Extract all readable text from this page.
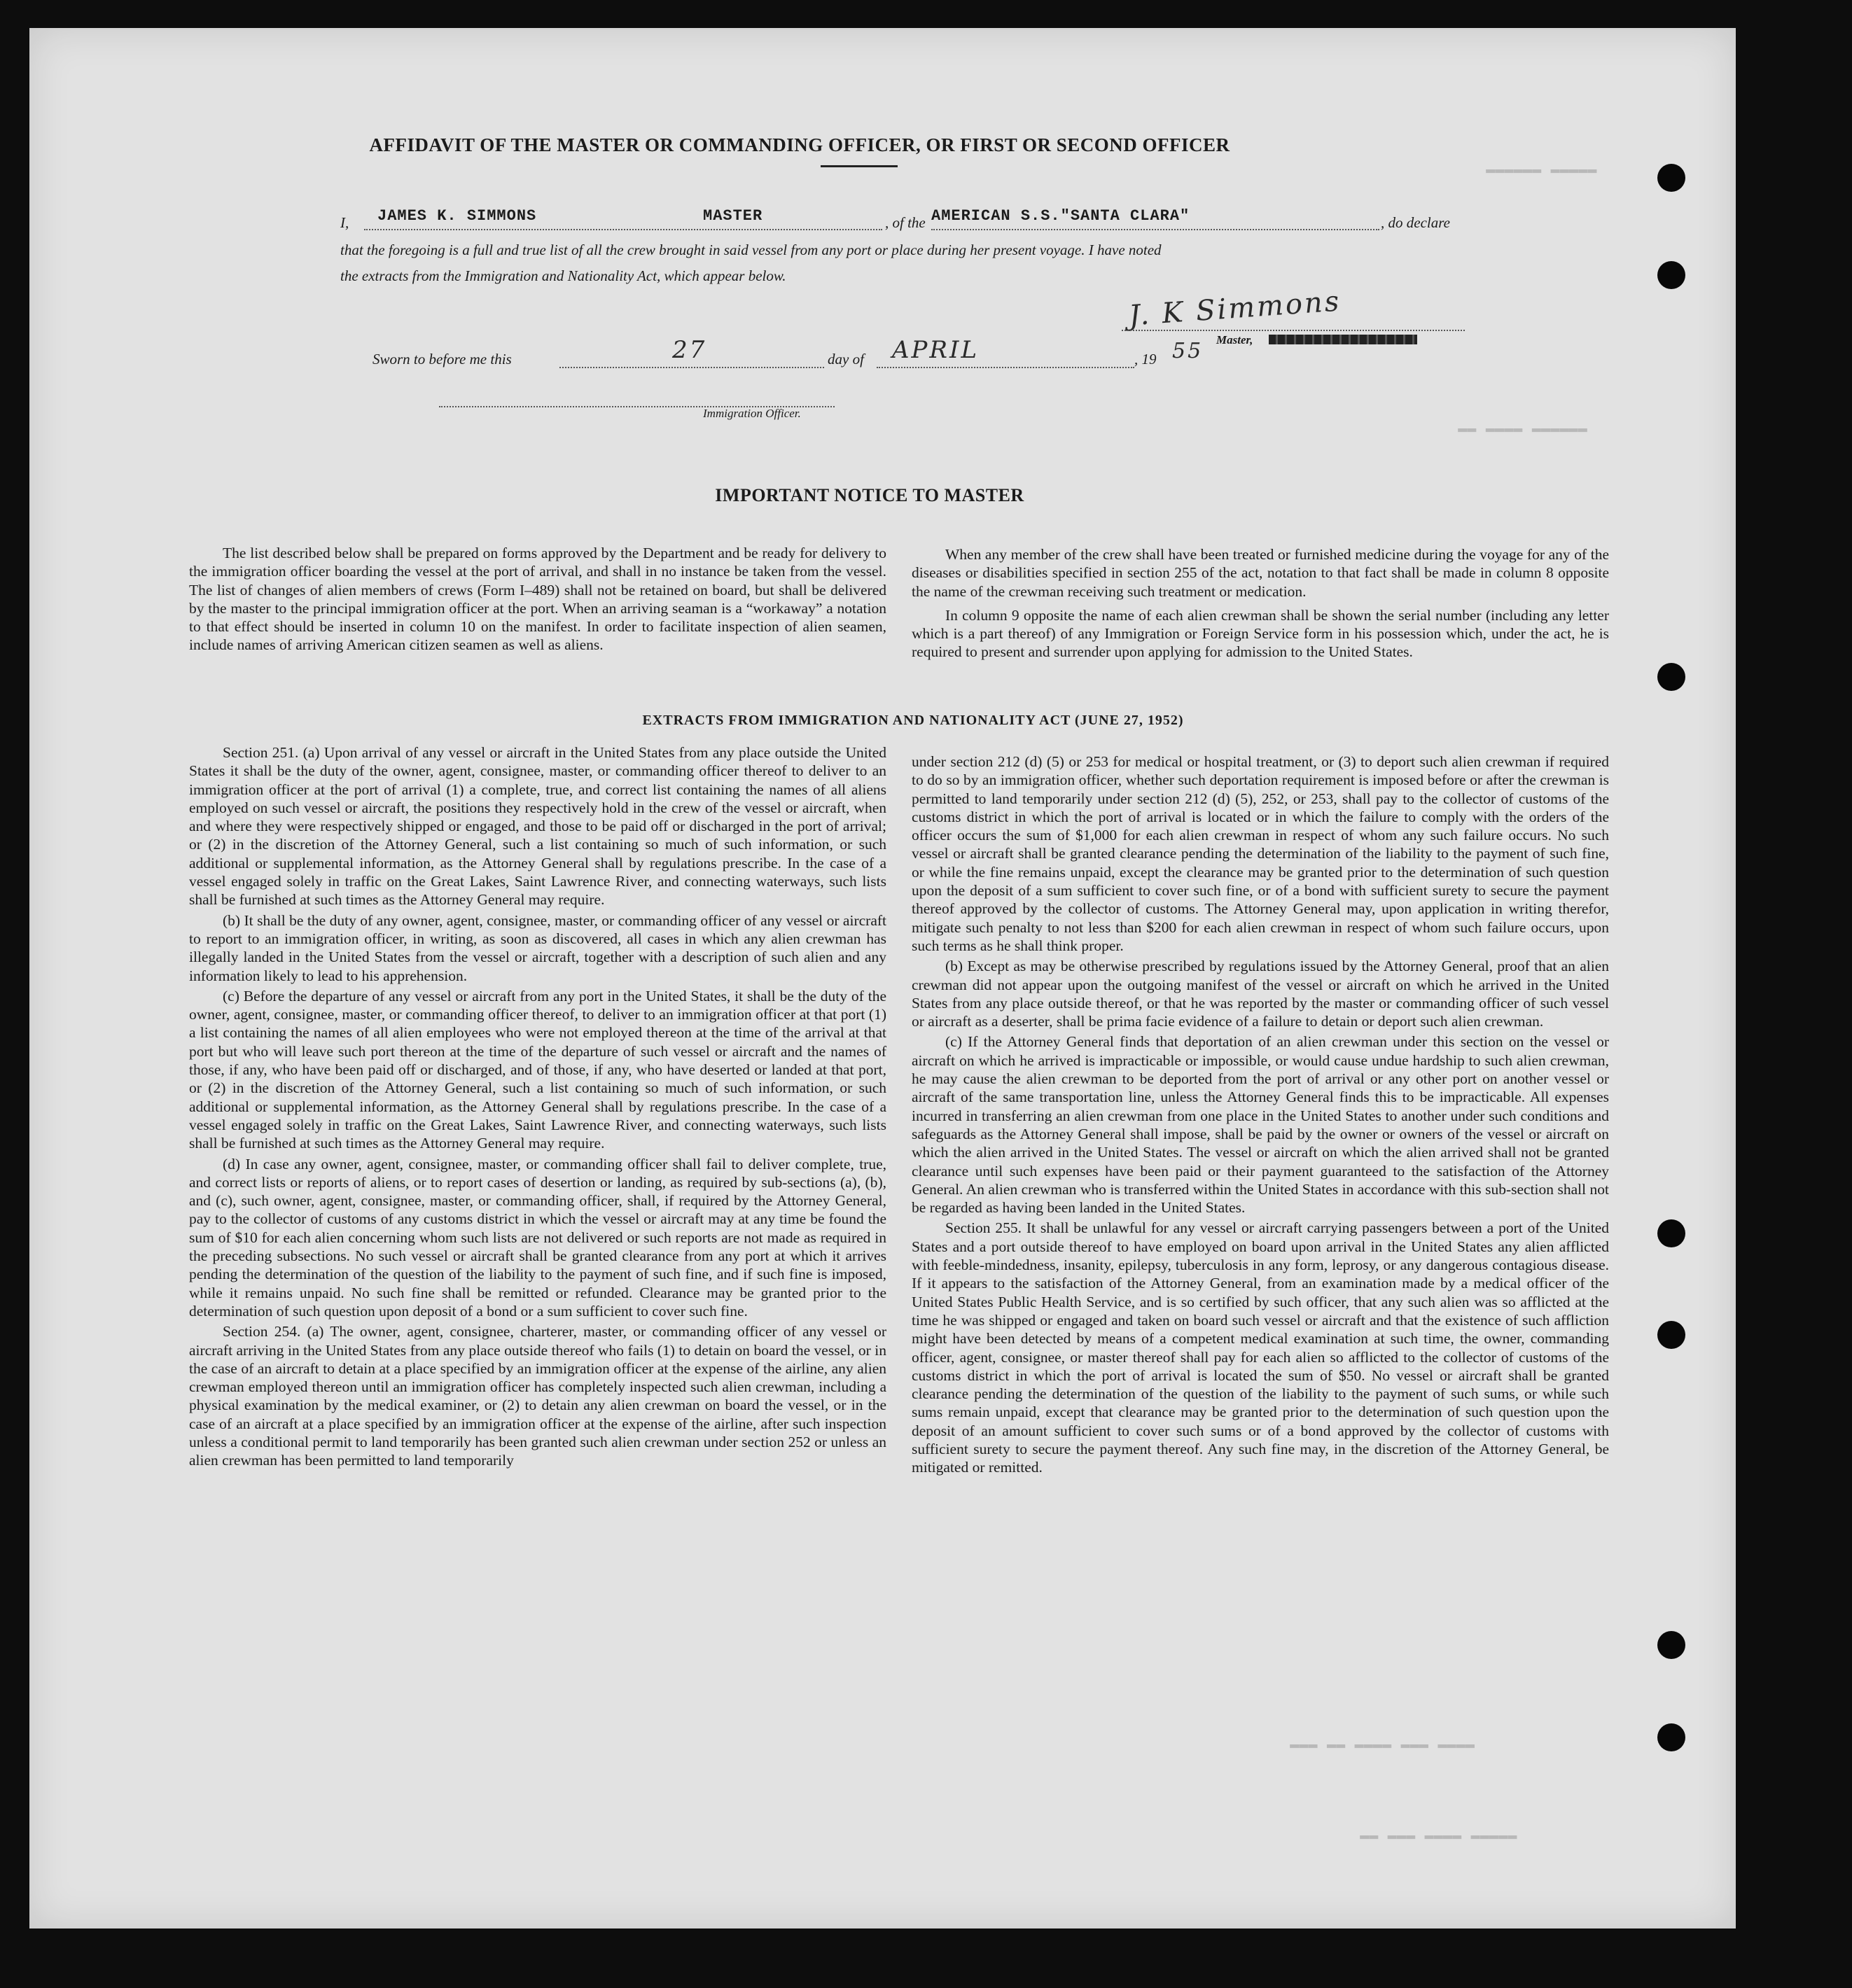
▬▬▬▬▬ ▬▬▬▬▬▬
▬▬▬▬▬▬ ▬▬▬▬ ▬▬
▬▬▬▬ ▬▬▬ ▬▬▬▬ ▬▬ ▬▬▬
▬▬▬▬▬ ▬▬▬▬ ▬▬▬ ▬▬
AFFIDAVIT OF THE MASTER OR COMMANDING OFFICER, OR FIRST OR SECOND OFFICER
I, JAMES K. SIMMONS	MASTER	, of the AMERICAN S.S."SANTA CLARA"	, do declare
that the foregoing is a full and true list of all the crew brought in said vessel from any port or place during her present voyage. I have noted
the extracts from the Immigration and Nationality Act, which appear below.
J. K Simmons
Master,
Sworn to before me this	27	day of APRIL	, 19 55
Immigration Officer.
IMPORTANT NOTICE TO MASTER

The list described below shall be prepared on forms approved by the Department and be ready for delivery to the immigration officer boarding the vessel at the port of arrival, and shall in no instance be taken from the vessel. The list of changes of alien members of crews (Form I–489) shall not be retained on board, but shall be delivered by the master to the principal immigration officer at the port. When an arriving seaman is a “workaway” a notation to that effect should be inserted in column 10 on the manifest. In order to facilitate inspection of alien seamen, include names of arriving American citizen seamen as well as aliens.

When any member of the crew shall have been treated or furnished medicine during the voyage for any of the diseases or disabilities specified in section 255 of the act, notation to that fact shall be made in column 8 opposite the name of the crewman receiving such treatment or medication.

In column 9 opposite the name of each alien crewman shall be shown the serial number (including any letter which is a part thereof) of any Immigration or Foreign Service form in his possession which, under the act, he is required to present and surrender upon applying for admission to the United States.

EXTRACTS FROM IMMIGRATION AND NATIONALITY ACT (JUNE 27, 1952)

Section 251. (a) Upon arrival of any vessel or aircraft in the United States from any place outside the United States it shall be the duty of the owner, agent, consignee, master, or commanding officer thereof to deliver to an immigration officer at the port of arrival (1) a complete, true, and correct list containing the names of all aliens employed on such vessel or aircraft, the positions they respectively hold in the crew of the vessel or aircraft, when and where they were respectively shipped or engaged, and those to be paid off or discharged in the port of arrival; or (2) in the discretion of the Attorney General, such a list containing so much of such information, or such additional or supplemental information, as the Attorney General shall by regulations prescribe. In the case of a vessel engaged solely in traffic on the Great Lakes, Saint Lawrence River, and connecting waterways, such lists shall be furnished at such times as the Attorney General may require.

(b) It shall be the duty of any owner, agent, consignee, master, or commanding officer of any vessel or aircraft to report to an immigration officer, in writing, as soon as discovered, all cases in which any alien crewman has illegally landed in the United States from the vessel or aircraft, together with a description of such alien and any information likely to lead to his apprehension.

(c) Before the departure of any vessel or aircraft from any port in the United States, it shall be the duty of the owner, agent, consignee, master, or commanding officer thereof, to deliver to an immigration officer at that port (1) a list containing the names of all alien employees who were not employed thereon at the time of the arrival at that port but who will leave such port thereon at the time of the departure of such vessel or aircraft and the names of those, if any, who have been paid off or discharged, and of those, if any, who have deserted or landed at that port, or (2) in the discretion of the Attorney General, such a list containing so much of such information, or such additional or supplemental information, as the Attorney General shall by regulations prescribe. In the case of a vessel engaged solely in traffic on the Great Lakes, Saint Lawrence River, and connecting waterways, such lists shall be furnished at such times as the Attorney General may require.

(d) In case any owner, agent, consignee, master, or commanding officer shall fail to deliver complete, true, and correct lists or reports of aliens, or to report cases of desertion or landing, as required by sub-sections (a), (b), and (c), such owner, agent, consignee, master, or commanding officer, shall, if required by the Attorney General, pay to the collector of customs of any customs district in which the vessel or aircraft may at any time be found the sum of $10 for each alien concerning whom such lists are not delivered or such reports are not made as required in the preceding subsections. No such vessel or aircraft shall be granted clearance from any port at which it arrives pending the determination of the question of the liability to the payment of such fine, and if such fine is imposed, while it remains unpaid. No such fine shall be remitted or refunded. Clearance may be granted prior to the determination of such question upon deposit of a bond or a sum sufficient to cover such fine.

Section 254. (a) The owner, agent, consignee, charterer, master, or commanding officer of any vessel or aircraft arriving in the United States from any place outside thereof who fails (1) to detain on board the vessel, or in the case of an aircraft to detain at a place specified by an immigration officer at the expense of the airline, any alien crewman employed thereon until an immigration officer has completely inspected such alien crewman, including a physical examination by the medical examiner, or (2) to detain any alien crewman on board the vessel, or in the case of an aircraft at a place specified by an immigration officer at the expense of the airline, after such inspection unless a conditional permit to land temporarily has been granted such alien crewman under section 252 or unless an alien crewman has been permitted to land temporarily

under section 212 (d) (5) or 253 for medical or hospital treatment, or (3) to deport such alien crewman if required to do so by an immigration officer, whether such deportation requirement is imposed before or after the crewman is permitted to land temporarily under section 212 (d) (5), 252, or 253, shall pay to the collector of customs of the customs district in which the port of arrival is located or in which the failure to comply with the orders of the officer occurs the sum of $1,000 for each alien crewman in respect of whom any such failure occurs. No such vessel or aircraft shall be granted clearance pending the determination of the liability to the payment of such fine, or while the fine remains unpaid, except the clearance may be granted prior to the determination of such question upon the deposit of a sum sufficient to cover such fine, or of a bond with sufficient surety to secure the payment thereof approved by the collector of customs. The Attorney General may, upon application in writing therefor, mitigate such penalty to not less than $200 for each alien crewman in respect of whom such failure occurs, upon such terms as he shall think proper.

(b) Except as may be otherwise prescribed by regulations issued by the Attorney General, proof that an alien crewman did not appear upon the outgoing manifest of the vessel or aircraft on which he arrived in the United States from any place outside thereof, or that he was reported by the master or commanding officer of such vessel or aircraft as a deserter, shall be prima facie evidence of a failure to detain or deport such alien crewman.

(c) If the Attorney General finds that deportation of an alien crewman under this section on the vessel or aircraft on which he arrived is impracticable or impossible, or would cause undue hardship to such alien crewman, he may cause the alien crewman to be deported from the port of arrival or any other port on another vessel or aircraft of the same transportation line, unless the Attorney General finds this to be impracticable. All expenses incurred in transferring an alien crewman from one place in the United States to another under such conditions and safeguards as the Attorney General shall impose, shall be paid by the owner or owners of the vessel or aircraft on which the alien arrived in the United States. The vessel or aircraft on which the alien arrived shall not be granted clearance until such expenses have been paid or their payment guaranteed to the satisfaction of the Attorney General. An alien crewman who is transferred within the United States in accordance with this sub-section shall not be regarded as having been landed in the United States.

Section 255. It shall be unlawful for any vessel or aircraft carrying passengers between a port of the United States and a port outside thereof to have employed on board upon arrival in the United States any alien afflicted with feeble-mindedness, insanity, epilepsy, tuberculosis in any form, leprosy, or any dangerous contagious disease. If it appears to the satisfaction of the Attorney General, from an examination made by a medical officer of the United States Public Health Service, and is so certified by such officer, that any such alien was so afflicted at the time he was shipped or engaged and taken on board such vessel or aircraft and that the existence of such affliction might have been detected by means of a competent medical examination at such time, the owner, commanding officer, agent, consignee, or master thereof shall pay for each alien so afflicted to the collector of customs of the customs district in which the port of arrival is located the sum of $50. No vessel or aircraft shall be granted clearance pending the determination of the question of the liability to the payment of such sums, or while such sums remain unpaid, except that clearance may be granted prior to the determination of such question upon the deposit of an amount sufficient to cover such sums or of a bond approved by the collector of customs with sufficient surety to secure the payment thereof. Any such fine may, in the discretion of the Attorney General, be mitigated or remitted.
